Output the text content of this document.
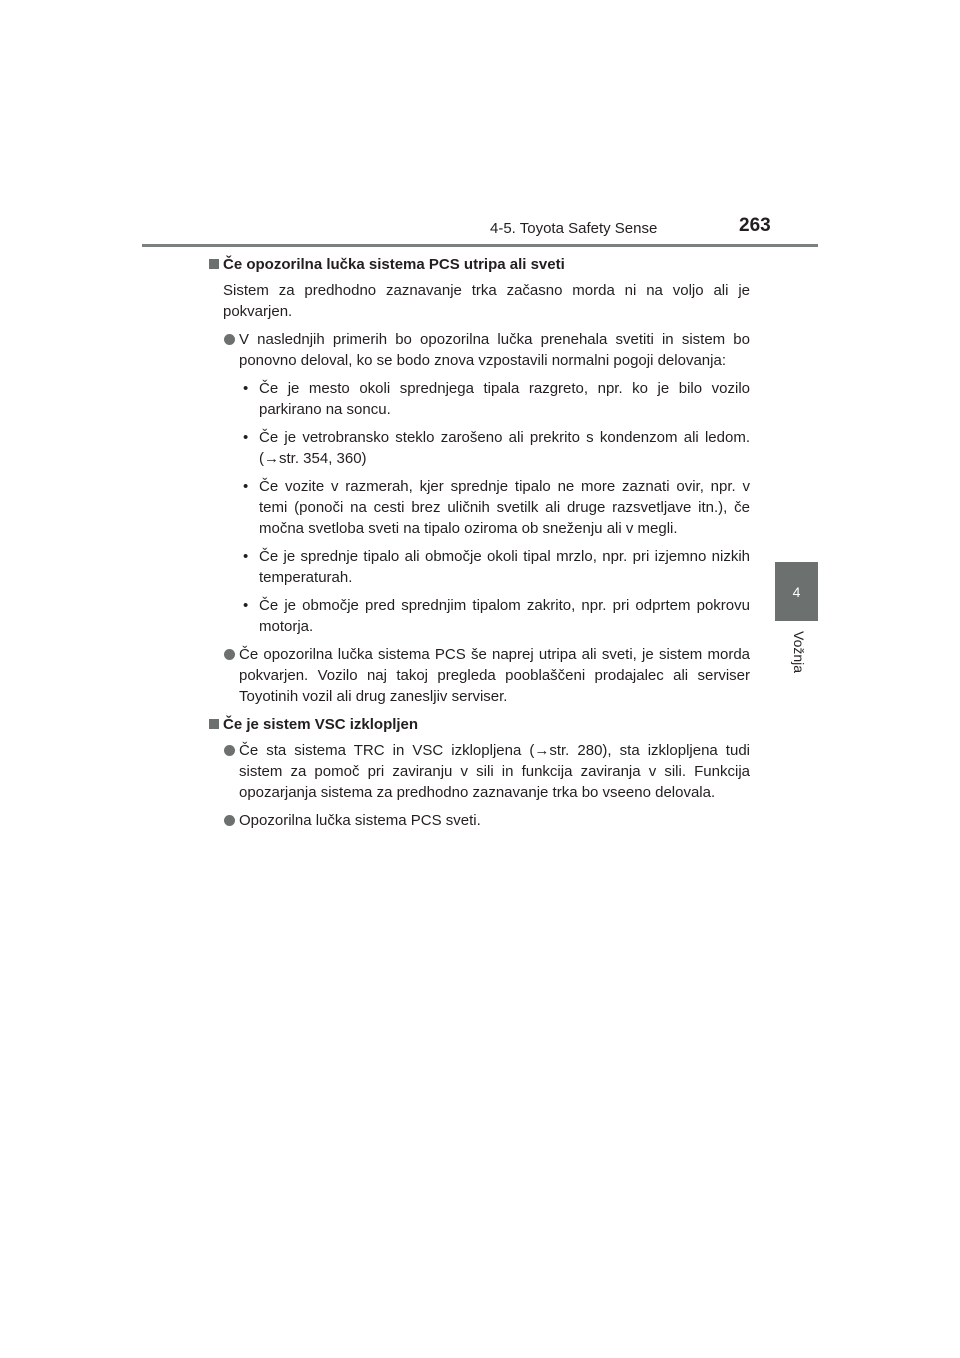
4-5. Toyota Safety Sense	263
4
Vožnja
Če opozorilna lučka sistema PCS utripa ali sveti
Sistem za predhodno zaznavanje trka začasno morda ni na voljo ali je pokvarjen.
V naslednjih primerih bo opozorilna lučka prenehala svetiti in sistem bo ponovno deloval, ko se bodo znova vzpostavili normalni pogoji delovanja:
• Če je mesto okoli sprednjega tipala razgreto, npr. ko je bilo vozilo parkirano na soncu.
• Če je vetrobransko steklo zarošeno ali prekrito s kondenzom ali ledom. (→str. 354, 360)
• Če vozite v razmerah, kjer sprednje tipalo ne more zaznati ovir, npr. v temi (ponoči na cesti brez uličnih svetilk ali druge razsvetljave itn.), če močna svetloba sveti na tipalo oziroma ob sneženju ali v megli.
• Če je sprednje tipalo ali območje okoli tipal mrzlo, npr. pri izjemno nizkih temperaturah.
• Če je območje pred sprednjim tipalom zakrito, npr. pri odprtem pokrovu motorja.
Če opozorilna lučka sistema PCS še naprej utripa ali sveti, je sistem morda pokvarjen. Vozilo naj takoj pregleda pooblaščeni prodajalec ali serviser Toyotinih vozil ali drug zanesljiv serviser.
Če je sistem VSC izklopljen
Če sta sistema TRC in VSC izklopljena (→str. 280), sta izklopljena tudi sistem za pomoč pri zaviranju v sili in funkcija zaviranja v sili. Funkcija opozarjanja sistema za predhodno zaznavanje trka bo vseeno delovala.
Opozorilna lučka sistema PCS sveti.
